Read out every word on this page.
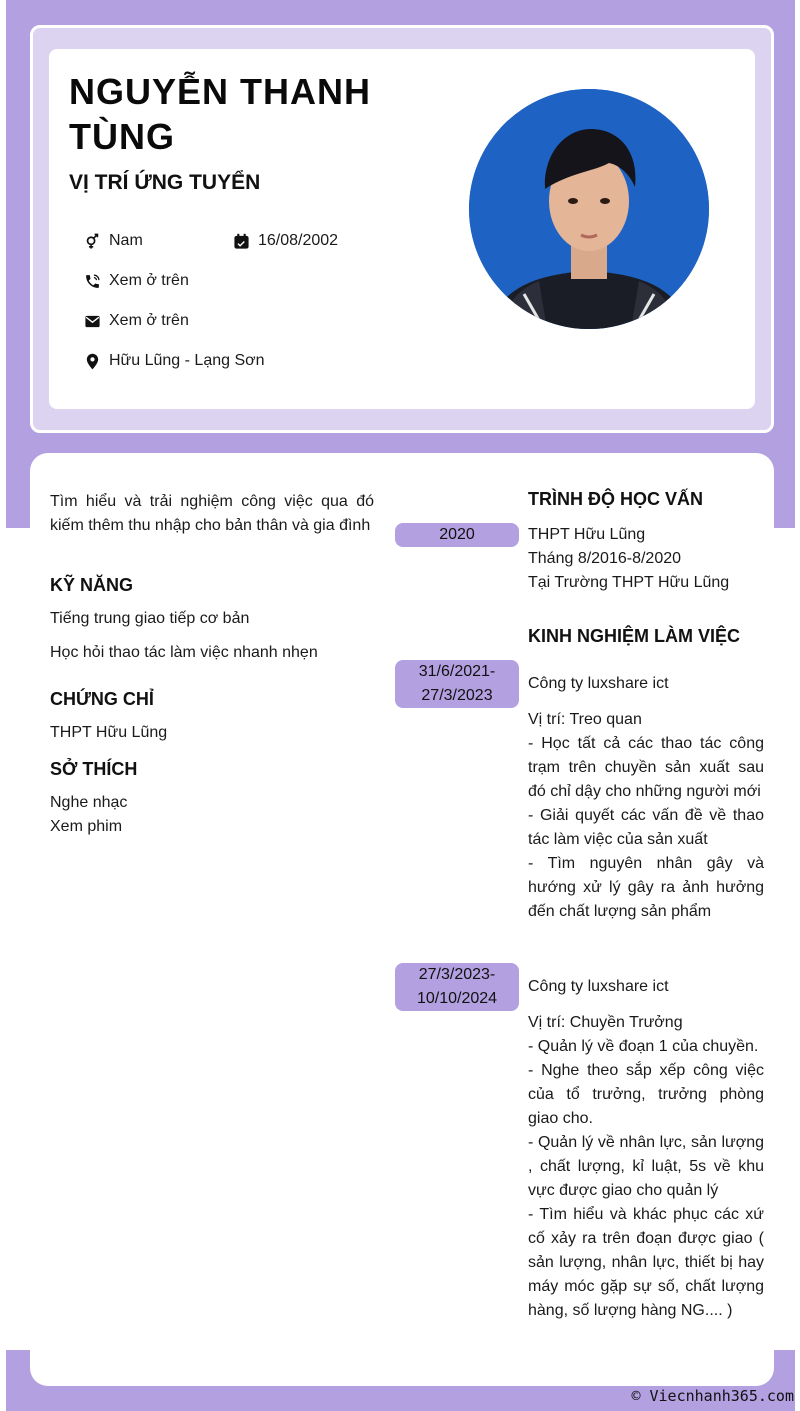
NGUYỄN THANH TÙNG
VỊ TRÍ ỨNG TUYỂN
Nam	16/08/2002
Xem ở trên
Xem ở trên
Hữu Lũng - Lạng Sơn
Tìm hiểu và trải nghiệm công việc qua đó kiếm thêm thu nhập cho bản thân và gia đình
KỸ NĂNG
Tiếng trung giao tiếp cơ bản
Học hỏi thao tác làm việc nhanh nhẹn
CHỨNG CHỈ
THPT Hữu Lũng
SỞ THÍCH
Nghe nhạc
Xem phim
TRÌNH ĐỘ HỌC VẤN
2020	THPT Hữu Lũng

Tháng 8/2016-8/2020

Tại Trường THPT Hữu Lũng

KINH NGHIỆM LÀM VIỆC
31/6/2021-
27/3/2023
Công ty luxshare ict

Vị trí: Treo quan

- Học tất cả các thao tác công trạm trên chuyền sản xuất sau đó chỉ dậy cho những người mới

- Giải quyết các vấn đề về thao tác làm việc của sản xuất

- Tìm nguyên nhân gây và hướng xử lý gây ra ảnh hưởng đến chất lượng sản phẩm

27/3/2023-
10/10/2024
Công ty luxshare ict

Vị trí: Chuyền Trưởng

- Quản lý về đoạn 1 của chuyền.

- Nghe theo sắp xếp công việc của tổ trưởng, trưởng phòng giao cho.

- Quản lý về nhân lực, sản lượng , chất lượng, kỉ luật, 5s về khu vực được giao cho quản lý

- Tìm hiểu và khác phục các xứ cố xảy ra trên đoạn được giao ( sản lượng, nhân lực, thiết bị hay máy móc gặp sự số, chất lượng hàng, số lượng hàng NG.... )

© Viecnhanh365.com
